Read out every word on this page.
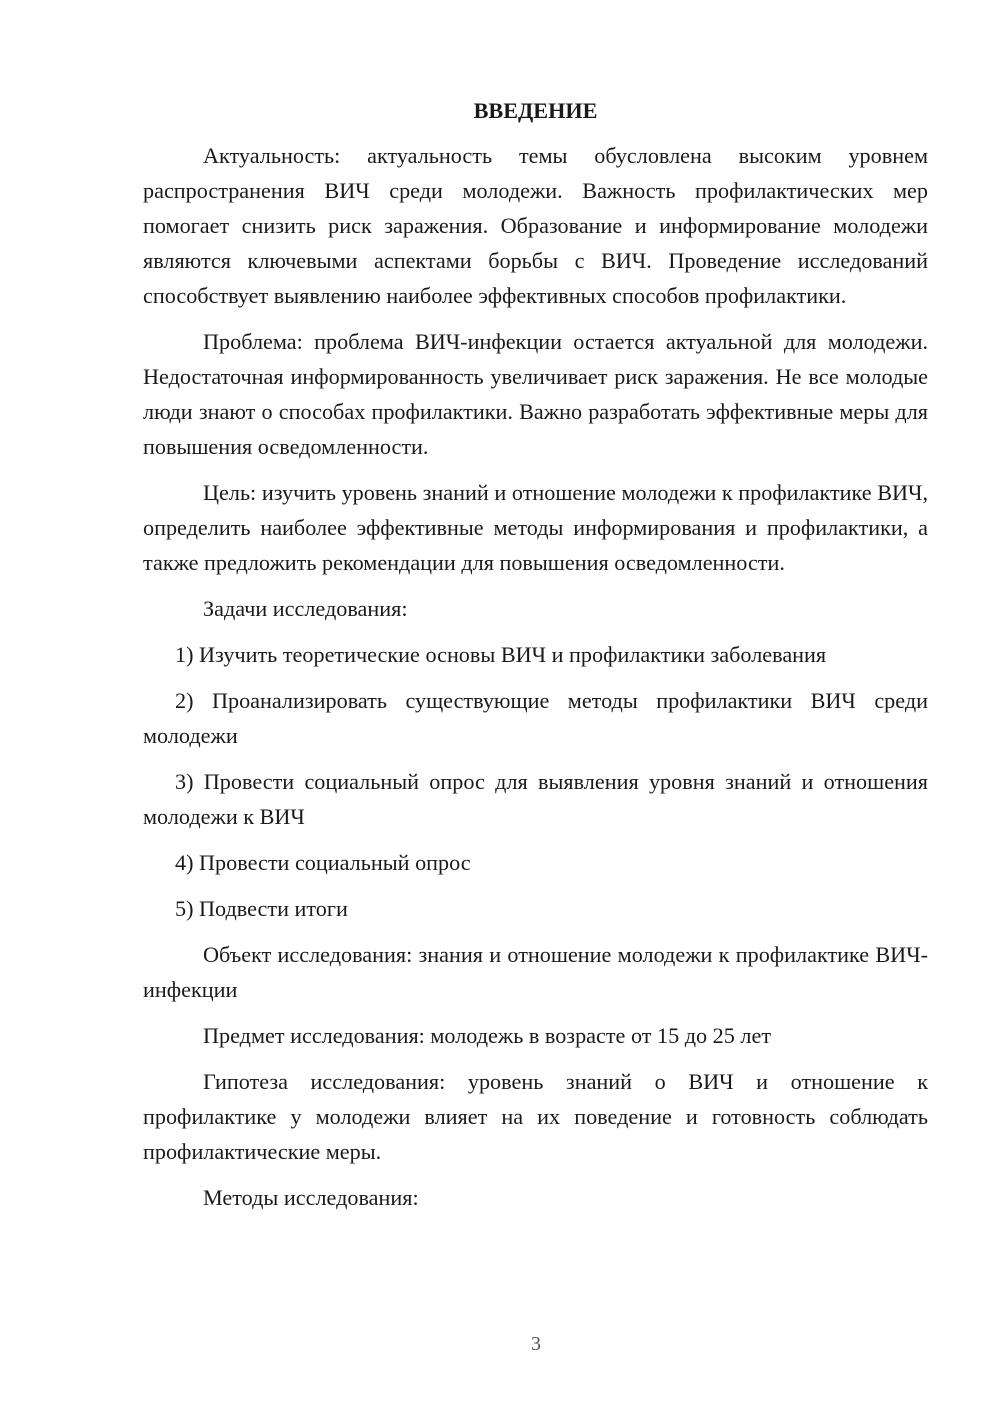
ВВЕДЕНИЕ

Актуальность: актуальность темы обусловлена высоким уровнем распространения ВИЧ среди молодежи. Важность профилактических мер помогает снизить риск заражения. Образование и информирование молодежи являются ключевыми аспектами борьбы с ВИЧ. Проведение исследований способствует выявлению наиболее эффективных способов профилактики.

Проблема: проблема ВИЧ-инфекции остается актуальной для молодежи. Недостаточная информированность увеличивает риск заражения. Не все молодые люди знают о способах профилактики. Важно разработать эффективные меры для повышения осведомленности.

Цель: изучить уровень знаний и отношение молодежи к профилактике ВИЧ, определить наиболее эффективные методы информирования и профилактики, а также предложить рекомендации для повышения осведомленности.

Задачи исследования:

1) Изучить теоретические основы ВИЧ и профилактики заболевания

2) Проанализировать существующие методы профилактики ВИЧ среди молодежи

3) Провести социальный опрос для выявления уровня знаний и отношения молодежи к ВИЧ

4) Провести социальный опрос

5) Подвести итоги

Объект исследования: знания и отношение молодежи к профилактике ВИЧ-инфекции

Предмет исследования: молодежь в возрасте от 15 до 25 лет

Гипотеза исследования: уровень знаний о ВИЧ и отношение к профилактике у молодежи влияет на их поведение и готовность соблюдать профилактические меры.

Методы исследования:

3
